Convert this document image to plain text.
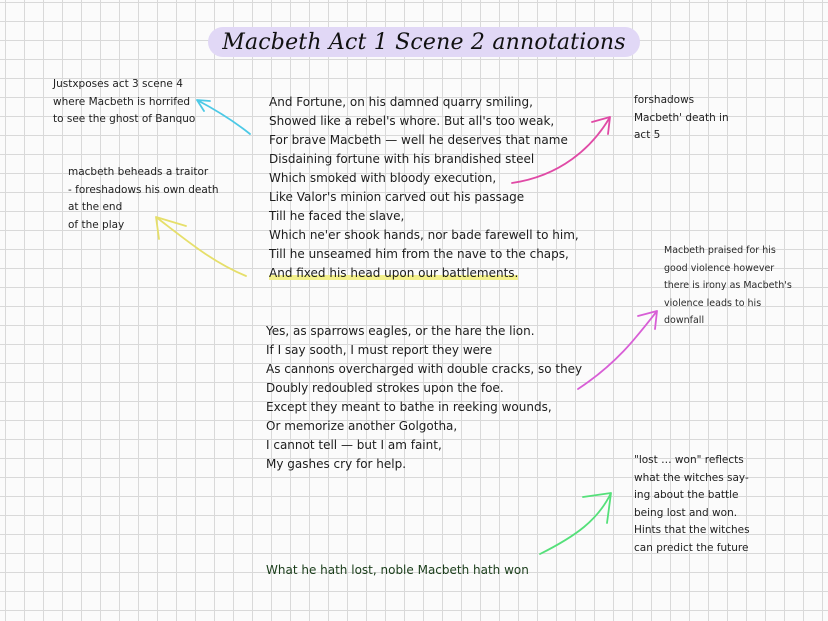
Macbeth Act 1 Scene 2 annotations
And Fortune, on his damned quarry smiling,
Showed like a rebel's whore. But all's too weak,
For brave Macbeth — well he deserves that name
Disdaining fortune with his brandished steel
Which smoked with bloody execution,
Like Valor's minion carved out his passage
Till he faced the slave,
Which ne'er shook hands, nor bade farewell to him,
Till he unseamed him from the nave to the chaps,
And fixed his head upon our battlements.
Yes, as sparrows eagles, or the hare the lion.
If I say sooth, I must report they were
As cannons overcharged with double cracks, so they
Doubly redoubled strokes upon the foe.
Except they meant to bathe in reeking wounds,
Or memorize another Golgotha,
I cannot tell — but I am faint,
My gashes cry for help.
What he hath lost, noble Macbeth hath won
Justxposes act 3 scene 4
where Macbeth is horrifed
to see the ghost of Banquo
macbeth beheads a traitor
- foreshadows his own death
at the end
of the play
forshadows
Macbeth' death in
act 5
Macbeth praised for his
good violence however
there is irony as Macbeth's
violence leads to his
downfall
"lost … won" reflects
what the witches say-
ing about the battle
being lost and won.
Hints that the witches
can predict the future
